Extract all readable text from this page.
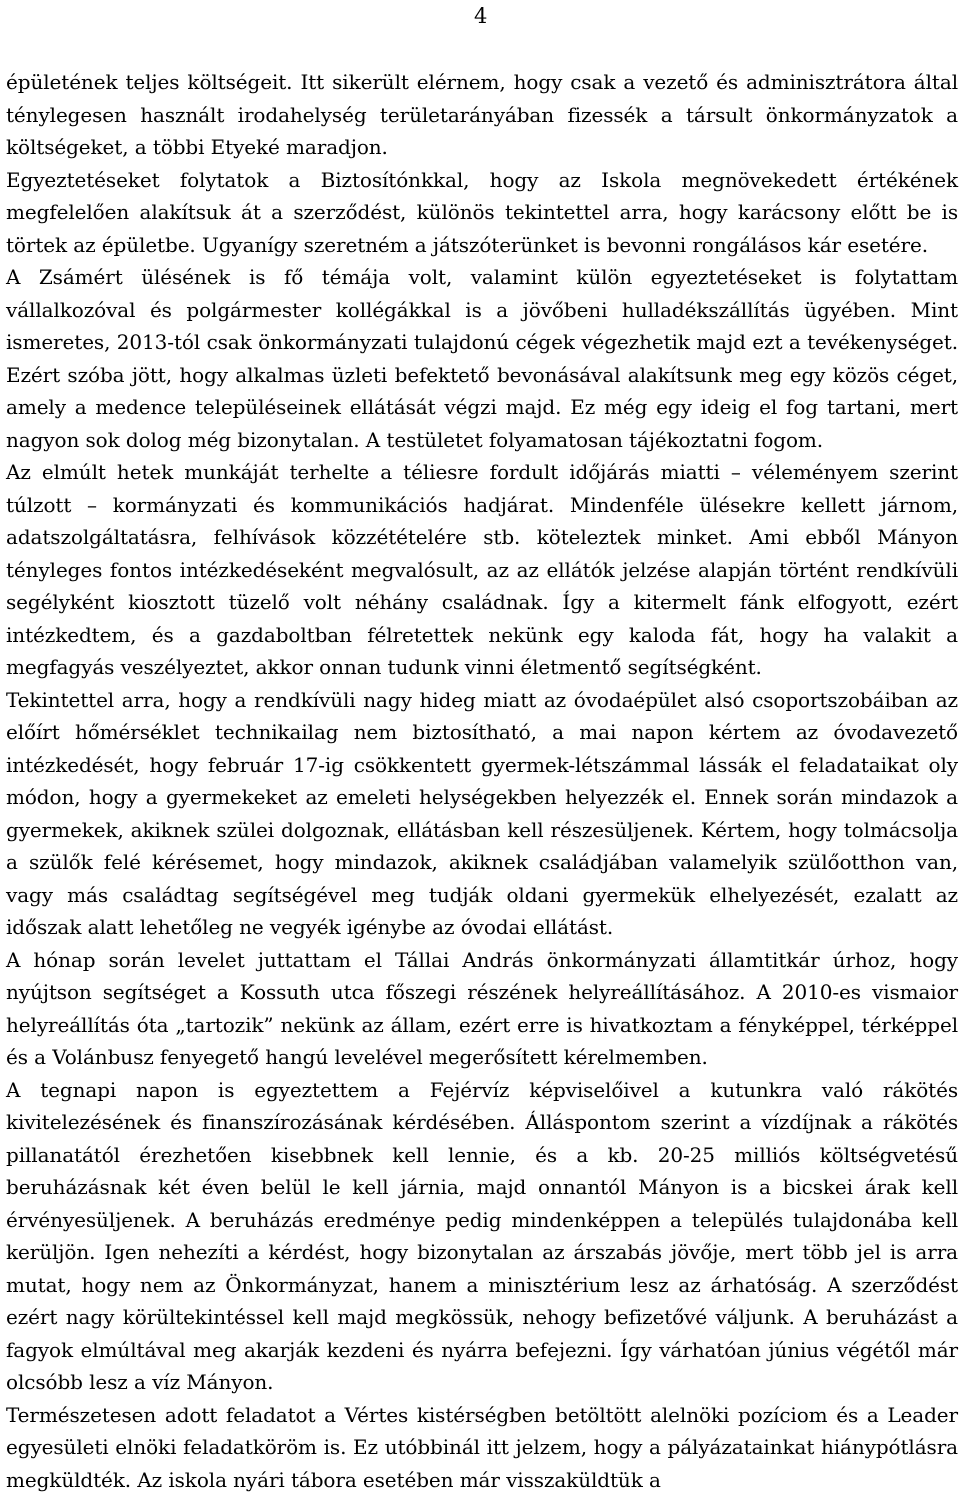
4

épületének teljes költségeit. Itt sikerült elérnem, hogy csak a vezető és adminisztrátora által ténylegesen használt irodahelység területarányában fizessék a társult önkormányzatok a költségeket, a többi Etyeké maradjon.

Egyeztetéseket folytatok a Biztosítónkkal, hogy az Iskola megnövekedett értékének megfelelően alakítsuk át a szerződést, különös tekintettel arra, hogy karácsony előtt be is törtek az épületbe. Ugyanígy szeretném a játszóterünket is bevonni rongálásos kár esetére.

A Zsámért ülésének is fő témája volt, valamint külön egyeztetéseket is folytattam vállalkozóval és polgármester kollégákkal is a jövőbeni hulladékszállítás ügyében. Mint ismeretes, 2013-tól csak önkormányzati tulajdonú cégek végezhetik majd ezt a tevékenységet. Ezért szóba jött, hogy alkalmas üzleti befektető bevonásával alakítsunk meg egy közös céget, amely a medence településeinek ellátását végzi majd. Ez még egy ideig el fog tartani, mert nagyon sok dolog még bizonytalan. A testületet folyamatosan tájékoztatni fogom.

Az elmúlt hetek munkáját terhelte a téliesre fordult időjárás miatti – véleményem szerint túlzott – kormányzati és kommunikációs hadjárat. Mindenféle ülésekre kellett járnom, adatszolgáltatásra, felhívások közzétételére stb. köteleztek minket. Ami ebből Mányon tényleges fontos intézkedéseként megvalósult, az az ellátók jelzése alapján történt rendkívüli segélyként kiosztott tüzelő volt néhány családnak. Így a kitermelt fánk elfogyott, ezért intézkedtem, és a gazdaboltban félretettek nekünk egy kaloda fát, hogy ha valakit a megfagyás veszélyeztet, akkor onnan tudunk vinni életmentő segítségként.

Tekintettel arra, hogy a rendkívüli nagy hideg miatt az óvodaépület alsó csoportszobáiban az előírt hőmérséklet technikailag nem biztosítható, a mai napon kértem az óvodavezető intézkedését, hogy február 17-ig csökkentett gyermek-létszámmal lássák el feladataikat oly módon, hogy a gyermekeket az emeleti helységekben helyezzék el. Ennek során mindazok a gyermekek, akiknek szülei dolgoznak, ellátásban kell részesüljenek. Kértem, hogy tolmácsolja a szülők felé kérésemet, hogy mindazok, akiknek családjában valamelyik szülőotthon van, vagy más családtag segítségével meg tudják oldani gyermekük elhelyezését, ezalatt az időszak alatt lehetőleg ne vegyék igénybe az óvodai ellátást.

A hónap során levelet juttattam el Tállai András önkormányzati államtitkár úrhoz, hogy nyújtson segítséget a Kossuth utca főszegi részének helyreállításához. A 2010-es vismaior helyreállítás óta „tartozik” nekünk az állam, ezért erre is hivatkoztam a fényképpel, térképpel és a Volánbusz fenyegető hangú levelével megerősített kérelmemben.

A tegnapi napon is egyeztettem a Fejérvíz képviselőivel a kutunkra való rákötés kivitelezésének és finanszírozásának kérdésében. Álláspontom szerint a vízdíjnak a rákötés pillanatától érezhetően kisebbnek kell lennie, és a kb. 20-25 milliós költségvetésű beruházásnak két éven belül le kell járnia, majd onnantól Mányon is a bicskei árak kell érvényesüljenek. A beruházás eredménye pedig mindenképpen a település tulajdonába kell kerüljön. Igen nehezíti a kérdést, hogy bizonytalan az árszabás jövője, mert több jel is arra mutat, hogy nem az Önkormányzat, hanem a minisztérium lesz az árhatóság. A szerződést ezért nagy körültekintéssel kell majd megkössük, nehogy befizetővé váljunk. A beruházást a fagyok elmúltával meg akarják kezdeni és nyárra befejezni. Így várhatóan június végétől már olcsóbb lesz a víz Mányon.

Természetesen adott feladatot a Vértes kistérségben betöltött alelnöki pozíciom és a Leader egyesületi elnöki feladatköröm is. Ez utóbbinál itt jelzem, hogy a pályázatainkat hiánypótlásra megküldték. Az iskola nyári tábora esetében már visszaküldtük a
